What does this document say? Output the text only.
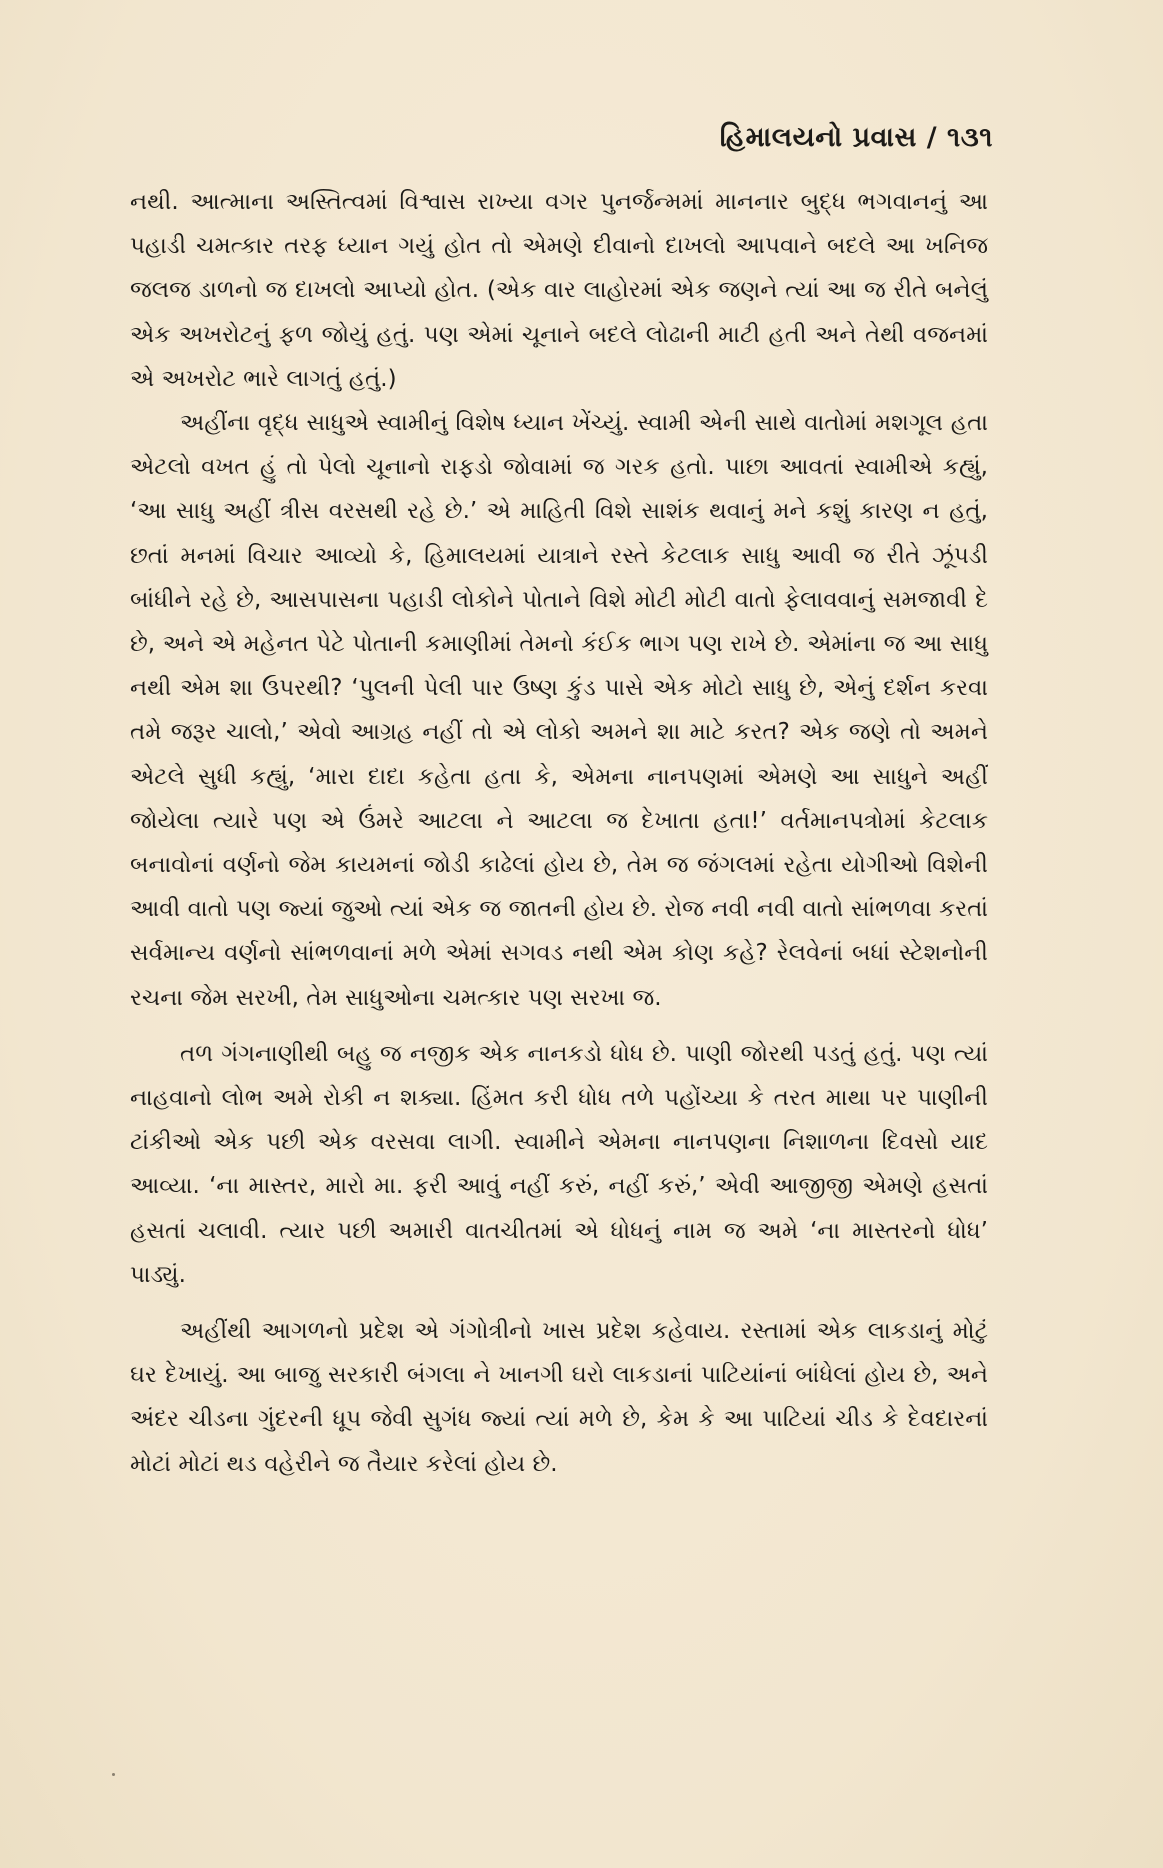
હિમાલયનો પ્રવાસ / ૧૩૧

નથી. આત્માના અસ્તિત્વમાં વિશ્વાસ રાખ્યા વગર પુનર્જન્મમાં માનનાર બુદ્ધ ભગવાનનું આ પહાડી ચમત્કાર તરફ ધ્યાન ગયું હોત તો એમણે દીવાનો દાખલો આપવાને બદલે આ ખનિજ જલજ ડાળનો જ દાખલો આપ્યો હોત. (એક વાર લાહોરમાં એક જણને ત્યાં આ જ રીતે બનેલું એક અખરોટનું ફળ જોયું હતું. પણ એમાં ચૂનાને બદલે લોઢાની માટી હતી અને તેથી વજનમાં એ અખરોટ ભારે લાગતું હતું.)

અહીંના વૃદ્ધ સાધુએ સ્વામીનું વિશેષ ધ્યાન ખેંચ્યું. સ્વામી એની સાથે વાતોમાં મશગૂલ હતા એટલો વખત હું તો પેલો ચૂનાનો રાફડો જોવામાં જ ગરક હતો. પાછા આવતાં સ્વામીએ કહ્યું, ‘આ સાધુ અહીં ત્રીસ વરસથી રહે છે.’ એ માહિતી વિશે સાશંક થવાનું મને કશું કારણ ન હતું, છતાં મનમાં વિચાર આવ્યો કે, હિમાલયમાં યાત્રાને રસ્તે કેટલાક સાધુ આવી જ રીતે ઝૂંપડી બાંધીને રહે છે, આસપાસના પહાડી લોકોને પોતાને વિશે મોટી મોટી વાતો ફેલાવવાનું સમજાવી દે છે, અને એ મહેનત પેટે પોતાની કમાણીમાં તેમનો કંઈક ભાગ પણ રાખે છે. એમાંના જ આ સાધુ નથી એમ શા ઉપરથી? ‘પુલની પેલી પાર ઉષ્ણ કુંડ પાસે એક મોટો સાધુ છે, એનું દર્શન કરવા તમે જરૂર ચાલો,’ એવો આગ્રહ નહીં તો એ લોકો અમને શા માટે કરત? એક જણે તો અમને એટલે સુધી કહ્યું, ‘મારા દાદા કહેતા હતા કે, એમના નાનપણમાં એમણે આ સાધુને અહીં જોયેલા ત્યારે પણ એ ઉંમરે આટલા ને આટલા જ દેખાતા હતા!’ વર્તમાનપત્રોમાં કેટલાક બનાવોનાં વર્ણનો જેમ કાયમનાં જોડી કાઢેલાં હોય છે, તેમ જ જંગલમાં રહેતા યોગીઓ વિશેની આવી વાતો પણ જ્યાં જુઓ ત્યાં એક જ જાતની હોય છે. રોજ નવી નવી વાતો સાંભળવા કરતાં સર્વમાન્ય વર્ણનો સાંભળવાનાં મળે એમાં સગવડ નથી એમ કોણ કહે? રેલવેનાં બધાં સ્ટેશનોની રચના જેમ સરખી, તેમ સાધુઓના ચમત્કાર પણ સરખા જ.

તળ ગંગનાણીથી બહુ જ નજીક એક નાનકડો ધોધ છે. પાણી જોરથી પડતું હતું. પણ ત્યાં નાહવાનો લોભ અમે રોકી ન શક્યા. હિંમત કરી ધોધ તળે પહોંચ્યા કે તરત માથા પર પાણીની ટાંકીઓ એક પછી એક વરસવા લાગી. સ્વામીને એમના નાનપણના નિશાળના દિવસો યાદ આવ્યા. ‘ના માસ્તર, મારો મા. ફરી આવું નહીં કરું, નહીં કરું,’ એવી આજીજી એમણે હસતાં હસતાં ચલાવી. ત્યાર પછી અમારી વાતચીતમાં એ ધોધનું નામ જ અમે ‘ના માસ્તરનો ધોધ’ પાડ્યું.

અહીંથી આગળનો પ્રદેશ એ ગંગોત્રીનો ખાસ પ્રદેશ કહેવાય. રસ્તામાં એક લાકડાનું મોટું ઘર દેખાયું. આ બાજુ સરકારી બંગલા ને ખાનગી ઘરો લાકડાનાં પાટિયાંનાં બાંધેલાં હોય છે, અને અંદર ચીડના ગુંદરની ધૂપ જેવી સુગંધ જ્યાં ત્યાં મળે છે, કેમ કે આ પાટિયાં ચીડ કે દેવદારનાં મોટાં મોટાં થડ વહેરીને જ તૈયાર કરેલાં હોય છે.
